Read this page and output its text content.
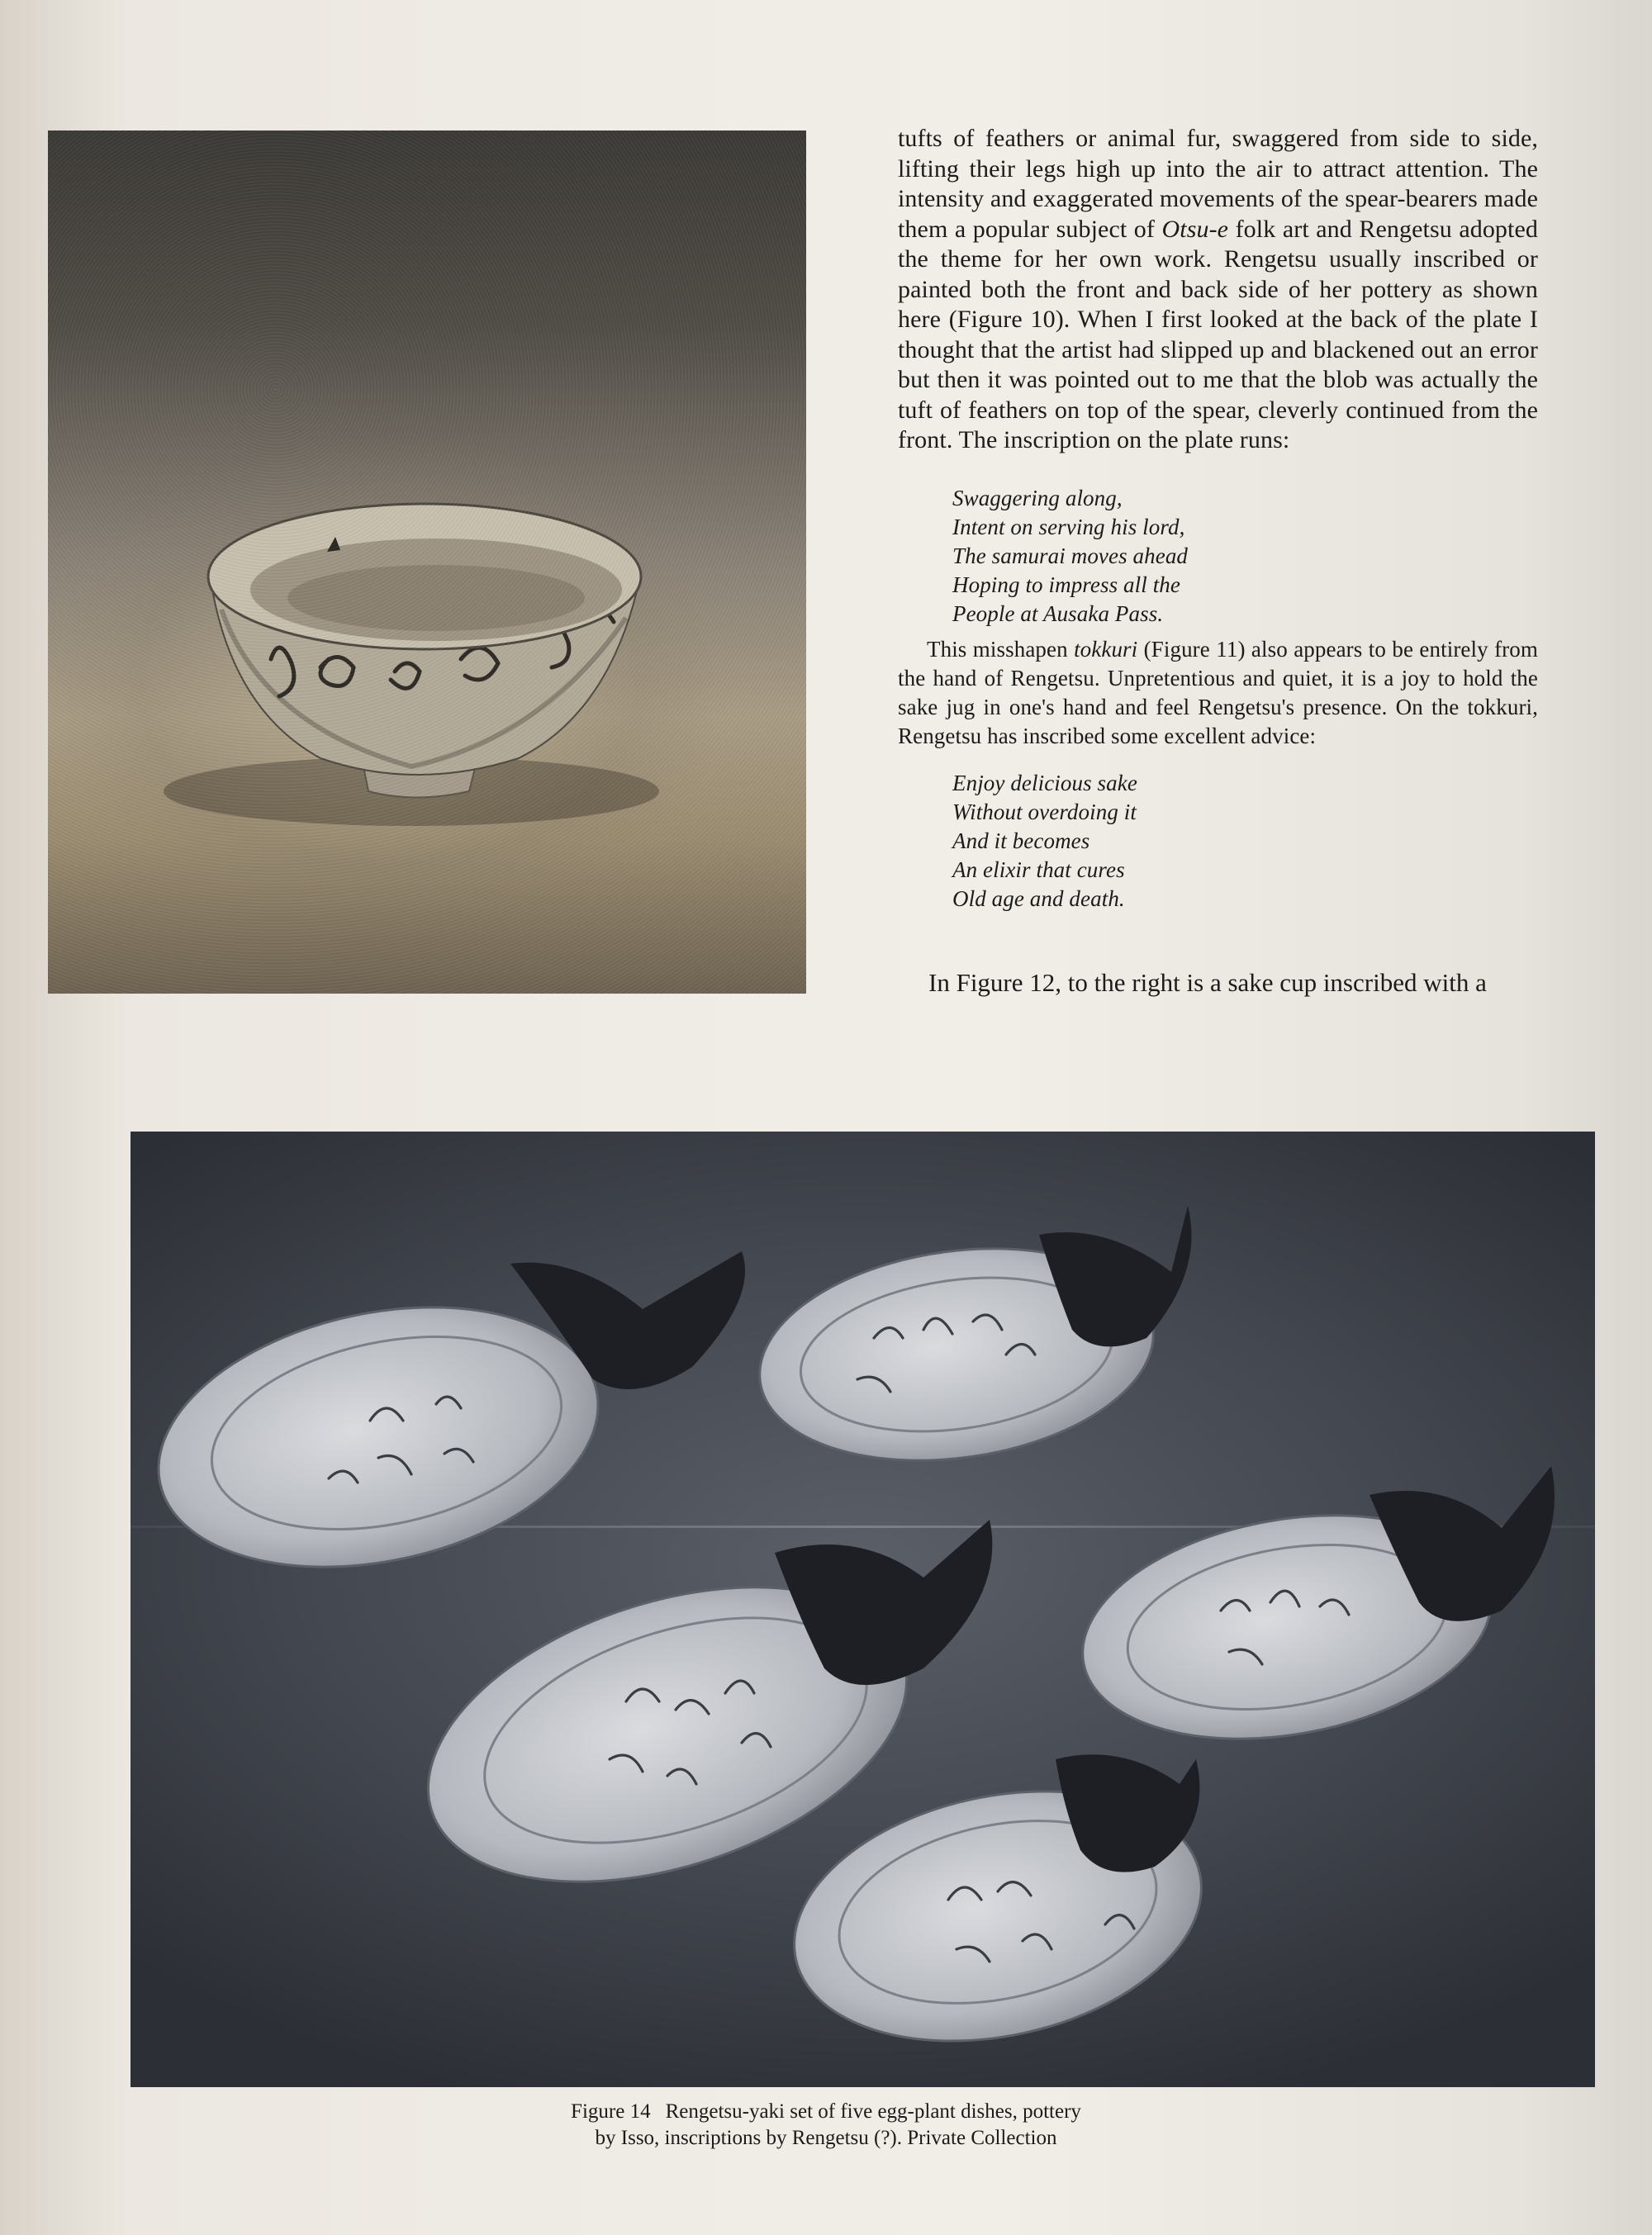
tufts of feathers or animal fur, swaggered from side to side, lifting their legs high up into the air to attract attention. The intensity and exaggerated movements of the spear-bearers made them a popular subject of Otsu-e folk art and Rengetsu adopted the theme for her own work. Rengetsu usually inscribed or painted both the front and back side of her pottery as shown here (Figure 10). When I first looked at the back of the plate I thought that the artist had slipped up and blackened out an error but then it was pointed out to me that the blob was actually the tuft of feathers on top of the spear, cleverly continued from the front. The inscription on the plate runs:

Swaggering along,
Intent on serving his lord,
The samurai moves ahead
Hoping to impress all the
People at Ausaka Pass.

This misshapen tokkuri (Figure 11) also appears to be entirely from the hand of Rengetsu. Unpretentious and quiet, it is a joy to hold the sake jug in one's hand and feel Rengetsu's presence. On the tokkuri, Rengetsu has inscribed some excellent advice:

Enjoy delicious sake
Without overdoing it
And it becomes
An elixir that cures
Old age and death.
In Figure 12, to the right is a sake cup inscribed with a
Figure 14 Rengetsu-yaki set of five egg-plant dishes, pottery
by Isso, inscriptions by Rengetsu (?). Private Collection
